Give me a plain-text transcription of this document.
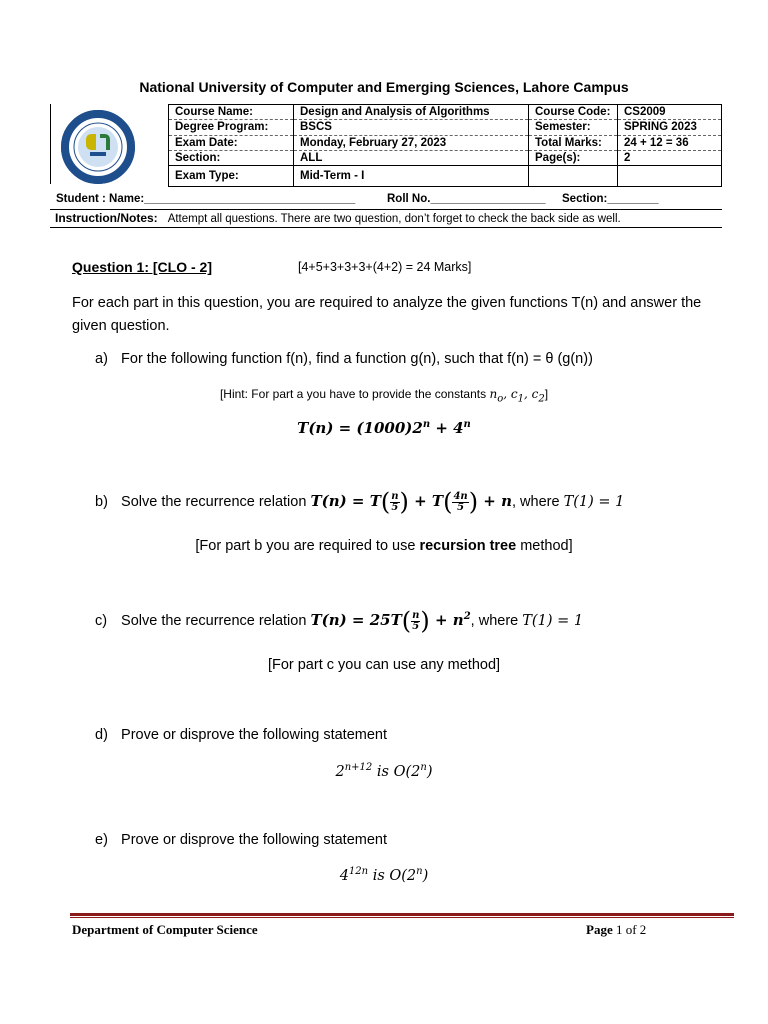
National University of Computer and Emerging Sciences, Lahore Campus
Course Name:	Design and Analysis of Algorithms	Course Code:	CS2009
Degree Program:	BSCS	Semester:	SPRING 2023
Exam Date:	Monday, February 27, 2023	Total Marks:	24 + 12 = 36
Section:	ALL	Page(s):	2
Exam Type:	Mid-Term - I		
Student : Name:_________________________________	Roll No.__________________ Section:________
Instruction/Notes: Attempt all questions. There are two question, don’t forget to check the back side as well.
Question 1: [CLO - 2]	[4+5+3+3+3+(4+2) = 24 Marks]
For each part in this question, you are required to analyze the given functions T(n) and answer the given question.
a) For the following function f(n), find a function g(n), such that f(n) = θ (g(n))
[Hint: For part a you have to provide the constants $n_o$, $c_1$, $c_2$]
$T(n) = (1000)2^n + 4^n$
b) Solve the recurrence relation $T(n) = T( \frac{n}{5}$ ) + $T( \frac{4n}{5}$ ) + n, where T(1) = 1
[For part b you are required to use recursion tree method]
c) Solve the recurrence relation $T(n) = 25T( \frac{n}{5}$ ) + $n^2$, where T(1) = 1
[For part c you can use any method]
d) Prove or disprove the following statement
$2^{n+12}$ is O(2$^n$)
e) Prove or disprove the following statement
$4^{12n}$ is O(2$^n$)
Department of Computer Science	Page 1 of 2
